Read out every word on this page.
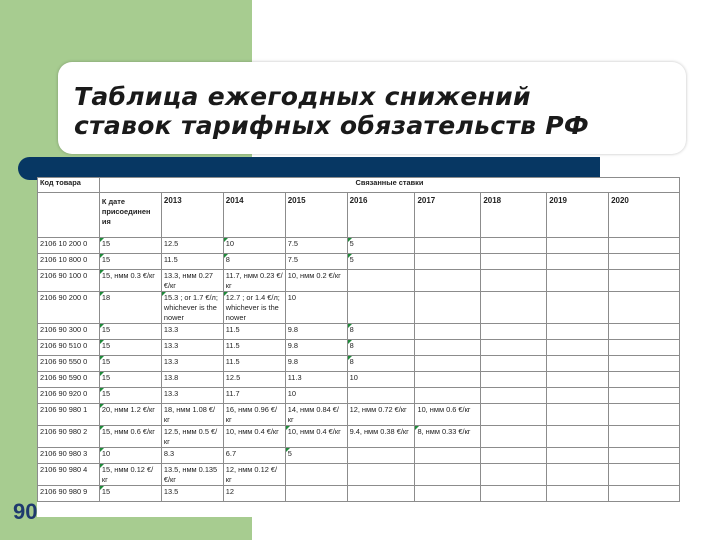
Таблица ежегодных снижений
ставок тарифных обязательств РФ
Код товара	Связанные ставки								
	К дате присоединен ия	2013	2014	2015	2016	2017	2018	2019	2020
2106 10 200 0	15	12.5	10	7.5	5				
2106 10 800 0	15	11.5	8	7.5	5				
2106 90 100 0	15, нмм 0.3 €/кг	13.3, нмм 0.27 €/кг	11.7, нмм 0.23 €/кг	10, нмм 0.2 €/кг					
2106 90 200 0	18	15.3 ; or 1.7 €/л; whichever is the nower	12.7 ; or 1.4 €/л; whichever is the nower	10					
2106 90 300 0	15	13.3	11.5	9.8	8				
2106 90 510 0	15	13.3	11.5	9.8	8				
2106 90 550 0	15	13.3	11.5	9.8	8				
2106 90 590 0	15	13.8	12.5	11.3	10				
2106 90 920 0	15	13.3	11.7	10					
2106 90 980 1	20, нмм 1.2 €/кг	18, нмм 1.08 €/кг	16, нмм 0.96 €/кг	14, нмм 0.84 €/кг	12, нмм 0.72 €/кг	10, нмм 0.6 €/кг			
2106 90 980 2	15, нмм 0.6 €/кг	12.5, нмм 0.5 €/кг	10, нмм 0.4 €/кг	10, нмм 0.4 €/кг	9.4, нмм 0.38 €/кг	8, нмм 0.33 €/кг			
2106 90 980 3	10	8.3	6.7	5					
2106 90 980 4	15, нмм 0.12 €/кг	13.5, нмм 0.135 €/кг	12, нмм 0.12 €/кг						
2106 90 980 9	15	13.5	12						
90
